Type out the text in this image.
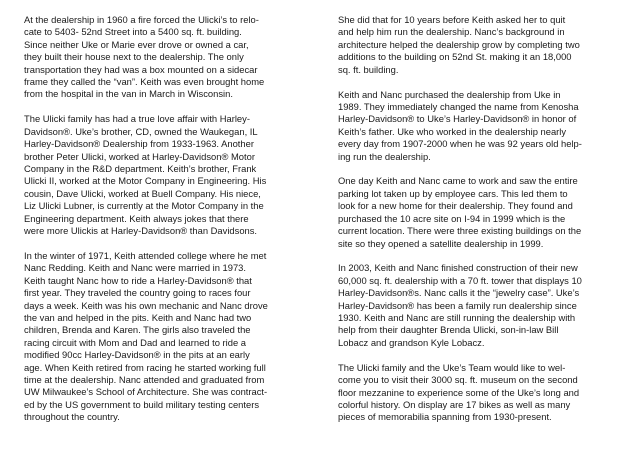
At the dealership in 1960 a fire forced the Ulicki’s to relo-
cate to 5403- 52nd Street into a 5400 sq. ft. building.
Since neither Uke or Marie ever drove or owned a car,
they built their house next to the dealership. The only
transportation they had was a box mounted on a sidecar
frame they called the “van”. Keith was even brought home
from the hospital in the van in March in Wisconsin.

The Ulicki family has had a true love affair with Harley-
Davidson®. Uke’s brother, CD, owned the Waukegan, IL
Harley-Davidson® Dealership from 1933-1963. Another
brother Peter Ulicki, worked at Harley-Davidson® Motor
Company in the R&D department. Keith’s brother, Frank
Ulicki II, worked at the Motor Company in Engineering. His
cousin, Dave Ulicki, worked at Buell Company. His niece,
Liz Ulicki Lubner, is currently at the Motor Company in the
Engineering department. Keith always jokes that there
were more Ulickis at Harley-Davidson® than Davidsons.

In the winter of 1971, Keith attended college where he met
Nanc Redding. Keith and Nanc were married in 1973.
Keith taught Nanc how to ride a Harley-Davidson® that
first year. They traveled the country going to races four
days a week. Keith was his own mechanic and Nanc drove
the van and helped in the pits. Keith and Nanc had two
children, Brenda and Karen. The girls also traveled the
racing circuit with Mom and Dad and learned to ride a
modified 90cc Harley-Davidson® in the pits at an early
age. When Keith retired from racing he started working full
time at the dealership. Nanc attended and graduated from
UW Milwaukee’s School of Architecture. She was contract-
ed by the US government to build military testing centers
throughout the country.

She did that for 10 years before Keith asked her to quit
and help him run the dealership. Nanc’s background in
architecture helped the dealership grow by completing two
additions to the building on 52nd St. making it an 18,000
sq. ft. building.

Keith and Nanc purchased the dealership from Uke in
1989. They immediately changed the name from Kenosha
Harley-Davidson® to Uke’s Harley-Davidson® in honor of
Keith’s father. Uke who worked in the dealership nearly
every day from 1907-2000 when he was 92 years old help-
ing run the dealership.

One day Keith and Nanc came to work and saw the entire
parking lot taken up by employee cars. This led them to
look for a new home for their dealership. They found and
purchased the 10 acre site on I-94 in 1999 which is the
current location. There were three existing buildings on the
site so they opened a satellite dealership in 1999.

In 2003, Keith and Nanc finished construction of their new
60,000 sq. ft. dealership with a 70 ft. tower that displays 10
Harley-Davidson®s. Nanc calls it the “jewelry case”. Uke’s
Harley-Davidson® has been a family run dealership since
1930. Keith and Nanc are still running the dealership with
help from their daughter Brenda Ulicki, son-in-law Bill
Lobacz and grandson Kyle Lobacz.

The Ulicki family and the Uke’s Team would like to wel-
come you to visit their 3000 sq. ft. museum on the second
floor mezzanine to experience some of the Uke’s long and
colorful history. On display are 17 bikes as well as many
pieces of memorabilia spanning from 1930-present.
